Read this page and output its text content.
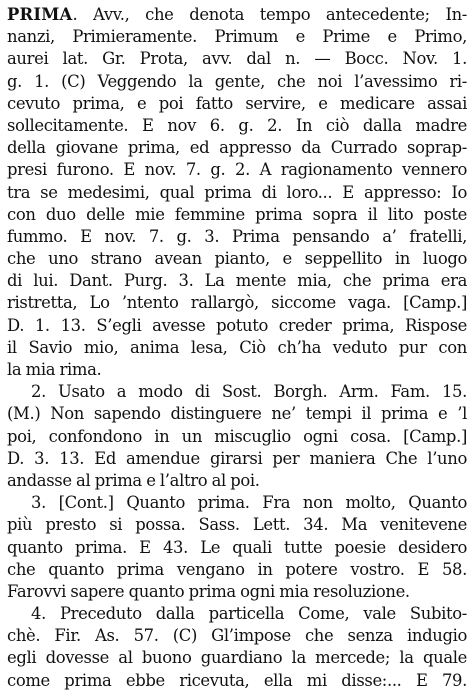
PRIMA. Avv., che denota tempo antecedente; In-
nanzi, Primieramente. Primum e Prime e Primo,
aurei lat. Gr. Prota, avv. dal n. — Bocc. Nov. 1.
g. 1. (C) Veggendo la gente, che noi l’avessimo ri-
cevuto prima, e poi fatto servire, e medicare assai
sollecitamente. E nov 6. g. 2. In ciò dalla madre
della giovane prima, ed appresso da Currado soprap-
presi furono. E nov. 7. g. 2. A ragionamento vennero
tra se medesimi, qual prima di loro... E appresso: Io
con duo delle mie femmine prima sopra il lito poste
fummo. E nov. 7. g. 3. Prima pensando a’ fratelli,
che uno strano avean pianto, e seppellito in luogo
di lui. Dant. Purg. 3. La mente mia, che prima era
ristretta, Lo ’ntento rallargò, siccome vaga. [Camp.]
D. 1. 13. S’egli avesse potuto creder prima, Rispose
il Savio mio, anima lesa, Ciò ch’ha veduto pur con
la mia rima.
2. Usato a modo di Sost. Borgh. Arm. Fam. 15.
(M.) Non sapendo distinguere ne’ tempi il prima e ’l
poi, confondono in un miscuglio ogni cosa. [Camp.]
D. 3. 13. Ed amendue girarsi per maniera Che l’uno
andasse al prima e l’altro al poi.
3. [Cont.] Quanto prima. Fra non molto, Quanto
più presto si possa. Sass. Lett. 34. Ma venitevene
quanto prima. E 43. Le quali tutte poesie desidero
che quanto prima vengano in potere vostro. E 58.
Farovvi sapere quanto prima ogni mia resoluzione.
4. Preceduto dalla particella Come, vale Subito-
chè. Fir. As. 57. (C) Gl’impose che senza indugio
egli dovesse al buono guardiano la mercede; la quale
come prima ebbe ricevuta, ella mi disse:... E 79.
